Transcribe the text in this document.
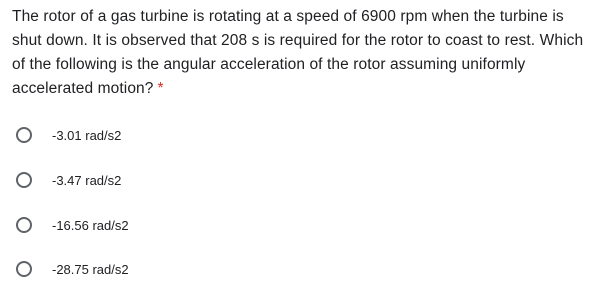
The rotor of a gas turbine is rotating at a speed of 6900 rpm when the turbine is shut down. It is observed that 208 s is required for the rotor to coast to rest. Which of the following is the angular acceleration of the rotor assuming uniformly accelerated motion? *
-3.01 rad/s2
-3.47 rad/s2
-16.56 rad/s2
-28.75 rad/s2
